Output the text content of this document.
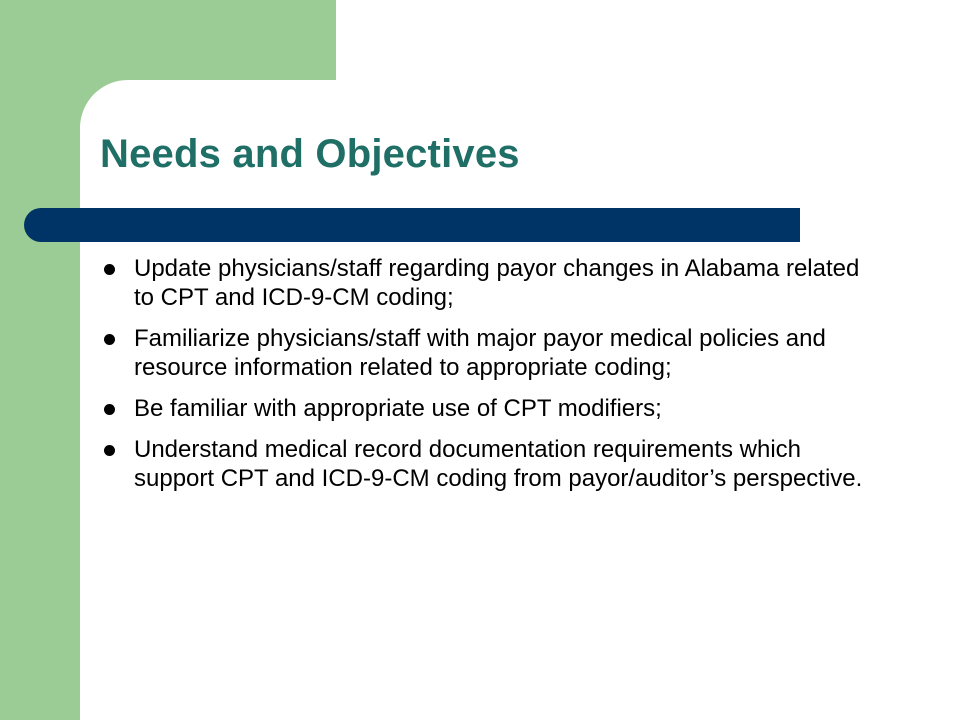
Needs and Objectives
Update physicians/staff regarding payor changes in Alabama related to CPT and ICD-9-CM coding;
Familiarize physicians/staff with major payor medical policies and resource information related to appropriate coding;
Be familiar with appropriate use of CPT modifiers;
Understand medical record documentation requirements which support CPT and ICD-9-CM coding from payor/auditor’s perspective.
